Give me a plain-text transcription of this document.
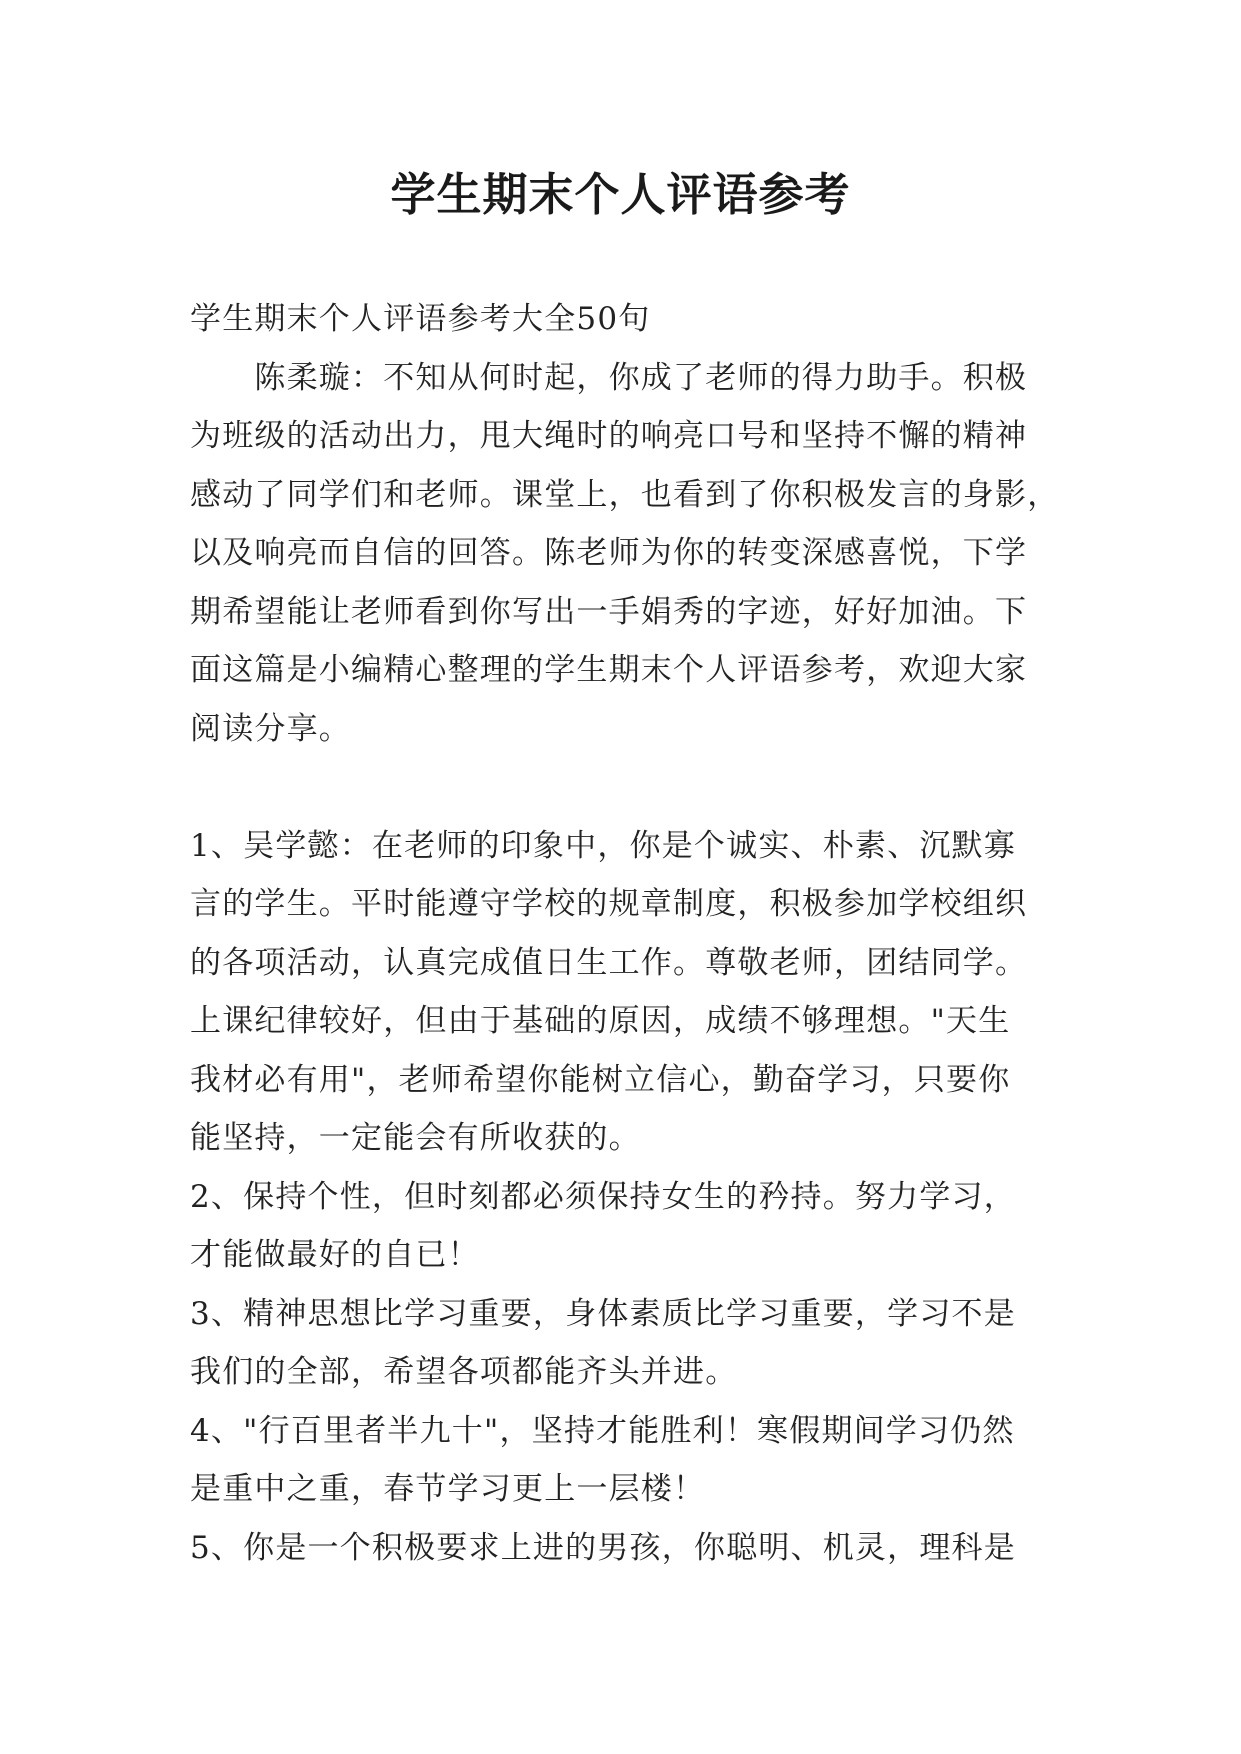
学生期末个人评语参考
学生期末个人评语参考大全50句
　　陈柔璇：不知从何时起，你成了老师的得力助手。积极
为班级的活动出力，甩大绳时的响亮口号和坚持不懈的精神
感动了同学们和老师。课堂上，也看到了你积极发言的身影，
以及响亮而自信的回答。陈老师为你的转变深感喜悦，下学
期希望能让老师看到你写出一手娟秀的字迹，好好加油。下
面这篇是小编精心整理的学生期末个人评语参考，欢迎大家
阅读分享。
1、吴学懿：在老师的印象中，你是个诚实、朴素、沉默寡
言的学生。平时能遵守学校的规章制度，积极参加学校组织
的各项活动，认真完成值日生工作。尊敬老师，团结同学。
上课纪律较好，但由于基础的原因，成绩不够理想。"天生
我材必有用"，老师希望你能树立信心，勤奋学习，只要你
能坚持，一定能会有所收获的。
2、保持个性，但时刻都必须保持女生的矜持。努力学习，
才能做最好的自已！
3、精神思想比学习重要，身体素质比学习重要，学习不是
我们的全部，希望各项都能齐头并进。
4、"行百里者半九十"，坚持才能胜利！寒假期间学习仍然
是重中之重，春节学习更上一层楼！
5、你是一个积极要求上进的男孩，你聪明、机灵，理科是
